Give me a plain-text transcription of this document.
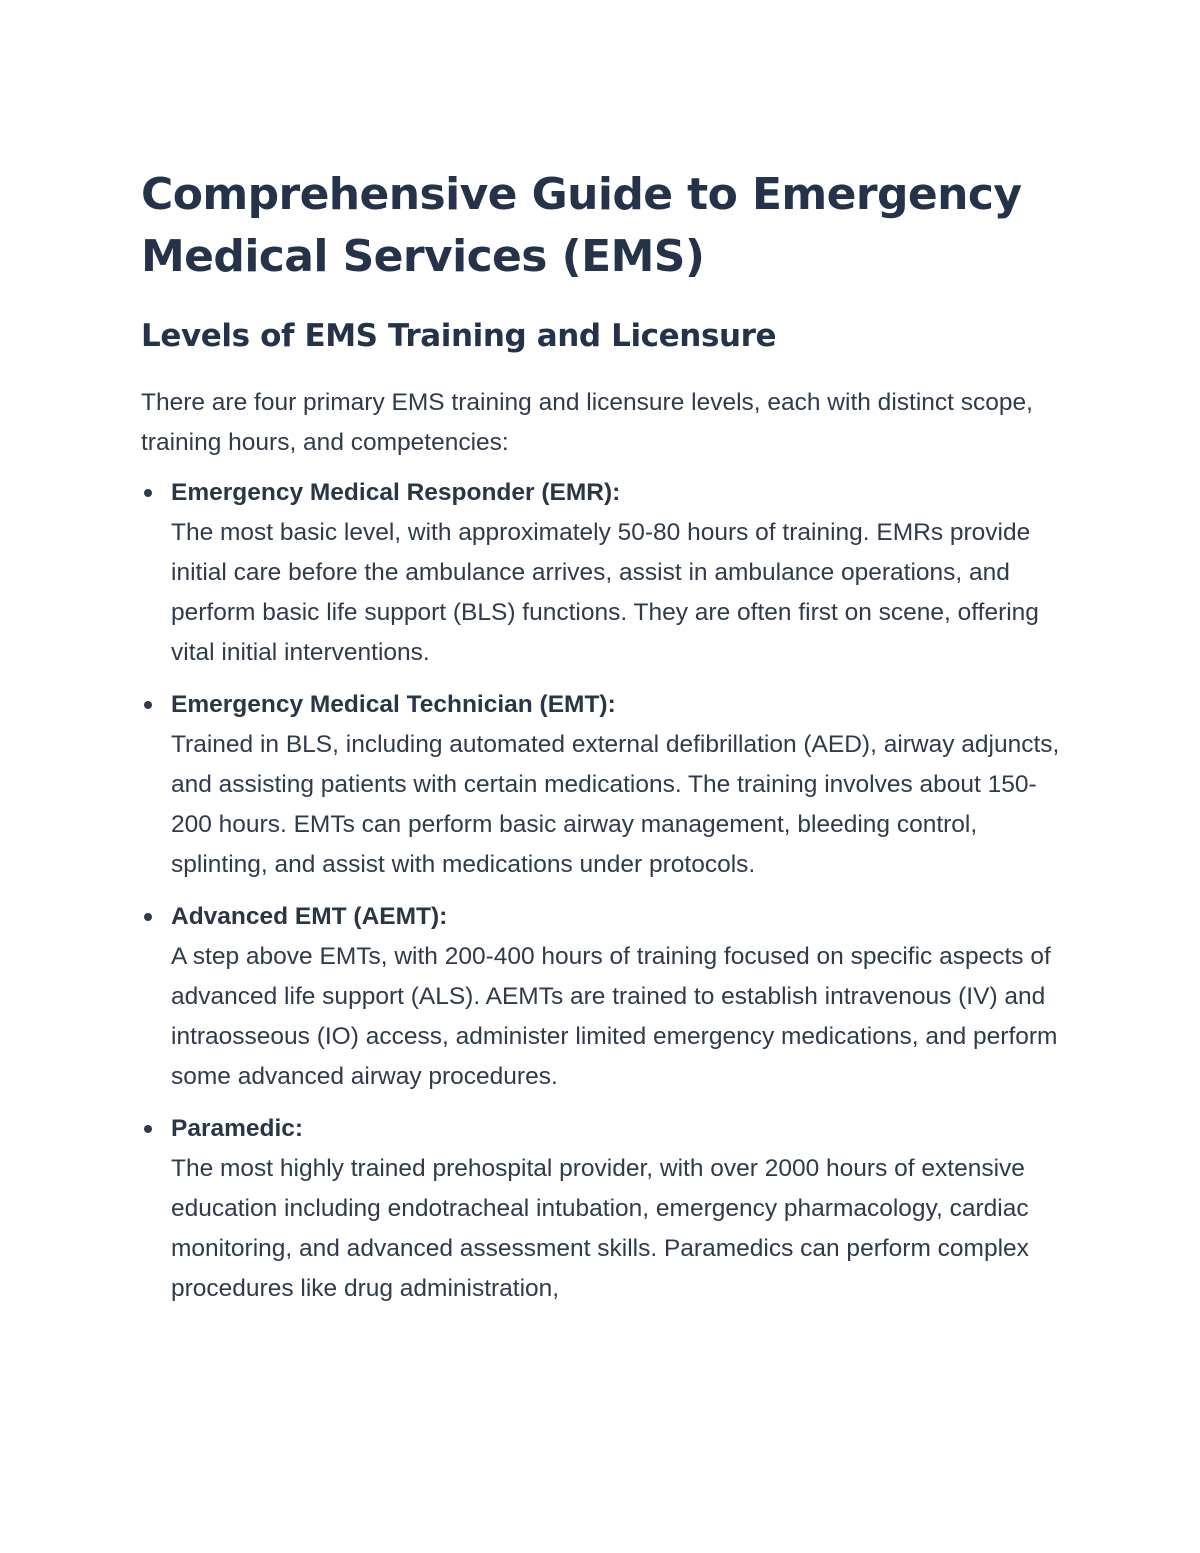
Comprehensive Guide to Emergency Medical Services (EMS)
Levels of EMS Training and Licensure

There are four primary EMS training and licensure levels, each with distinct scope, training hours, and competencies:

Emergency Medical Responder (EMR):
The most basic level, with approximately 50-80 hours of training. EMRs provide initial care before the ambulance arrives, assist in ambulance operations, and perform basic life support (BLS) functions. They are often first on scene, offering vital initial interventions.
Emergency Medical Technician (EMT):
Trained in BLS, including automated external defibrillation (AED), airway adjuncts, and assisting patients with certain medications. The training involves about 150-200 hours. EMTs can perform basic airway management, bleeding control, splinting, and assist with medications under protocols.
Advanced EMT (AEMT):
A step above EMTs, with 200-400 hours of training focused on specific aspects of advanced life support (ALS). AEMTs are trained to establish intravenous (IV) and intraosseous (IO) access, administer limited emergency medications, and perform some advanced airway procedures.
Paramedic:
The most highly trained prehospital provider, with over 2000 hours of extensive education including endotracheal intubation, emergency pharmacology, cardiac monitoring, and advanced assessment skills. Paramedics can perform complex procedures like drug administration,
